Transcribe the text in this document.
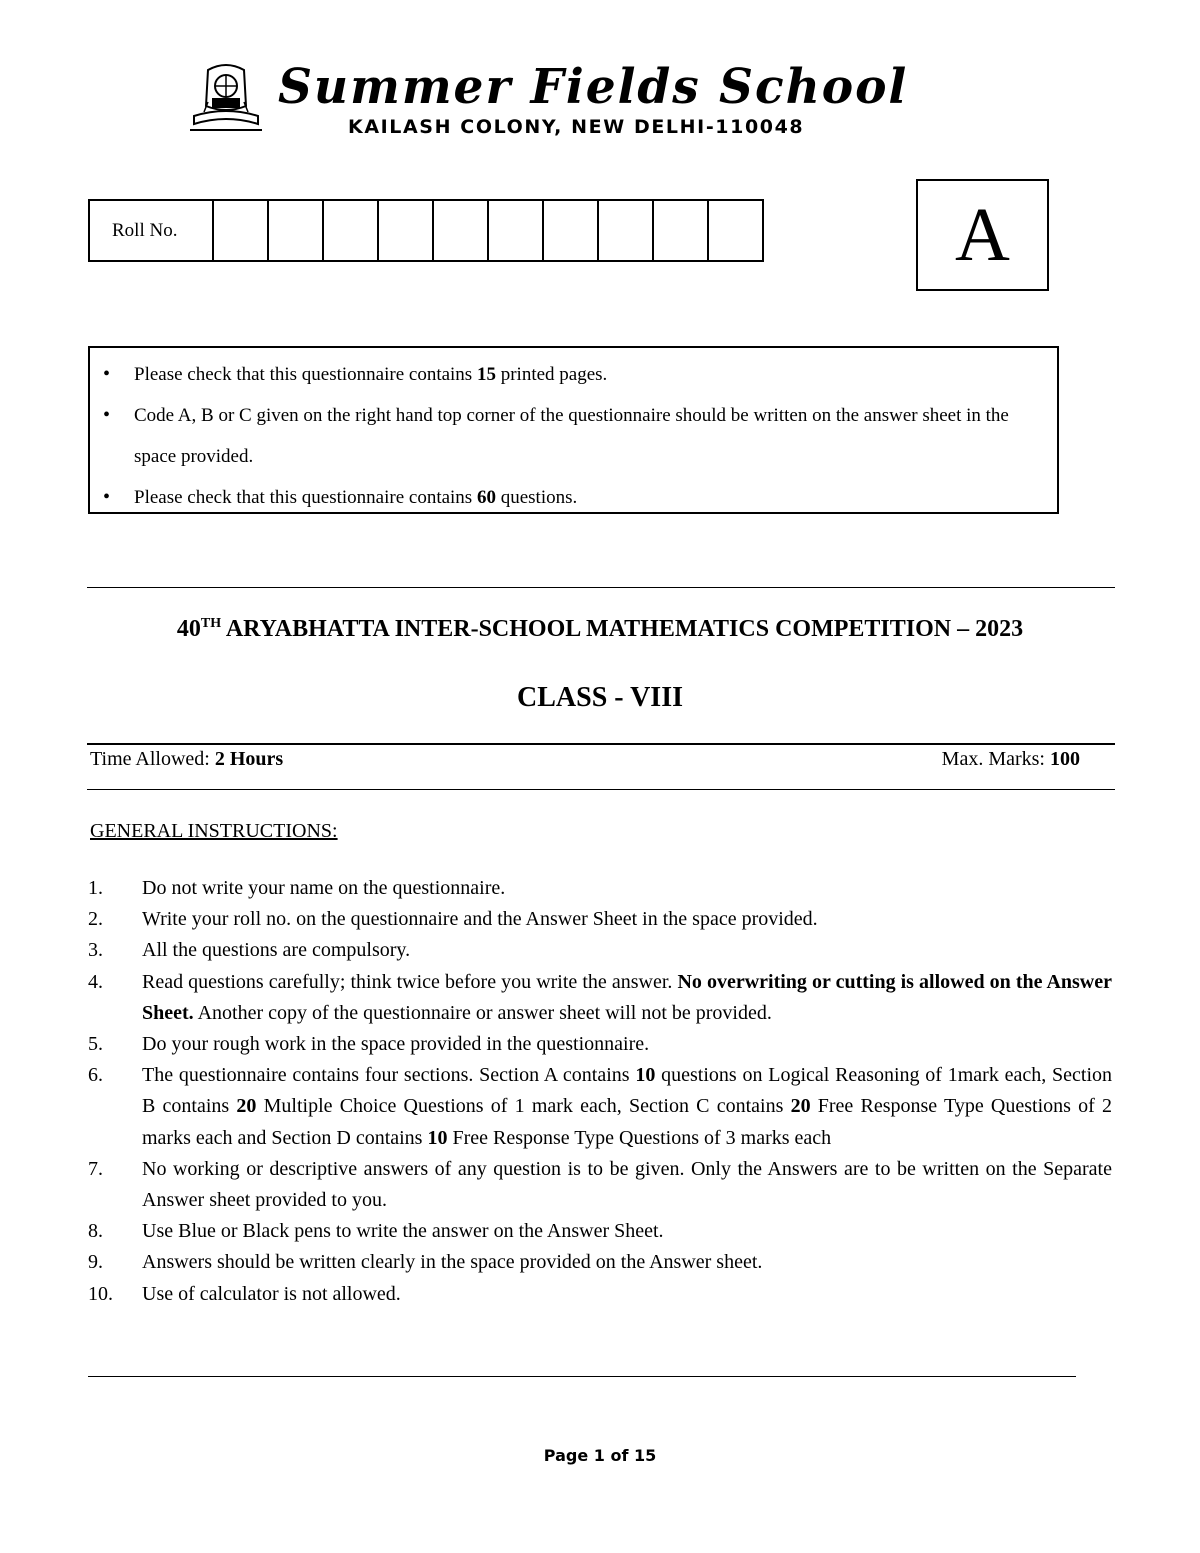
Summer Fields School
KAILASH COLONY, NEW DELHI-110048
Roll No.											A
• Please check that this questionnaire contains 15 printed pages.
• Code A, B or C given on the right hand top corner of the questionnaire should be written on the answer sheet in the space provided.
• Please check that this questionnaire contains 60 questions.
40TH ARYABHATTA INTER-SCHOOL MATHEMATICS COMPETITION – 2023
CLASS - VIII
Time Allowed: 2 Hours	Max. Marks: 100
GENERAL INSTRUCTIONS:
1. Do not write your name on the questionnaire.
2. Write your roll no. on the questionnaire and the Answer Sheet in the space provided.
3. All the questions are compulsory.
4. Read questions carefully; think twice before you write the answer. No overwriting or cutting is allowed on the Answer Sheet. Another copy of the questionnaire or answer sheet will not be provided.
5. Do your rough work in the space provided in the questionnaire.
6. The questionnaire contains four sections. Section A contains 10 questions on Logical Reasoning of 1mark each, Section B contains 20 Multiple Choice Questions of 1 mark each, Section C contains 20 Free Response Type Questions of 2 marks each and Section D contains 10 Free Response Type Questions of 3 marks each
7. No working or descriptive answers of any question is to be given. Only the Answers are to be written on the Separate Answer sheet provided to you.
8. Use Blue or Black pens to write the answer on the Answer Sheet.
9. Answers should be written clearly in the space provided on the Answer sheet.
10. Use of calculator is not allowed.
Page 1 of 15
